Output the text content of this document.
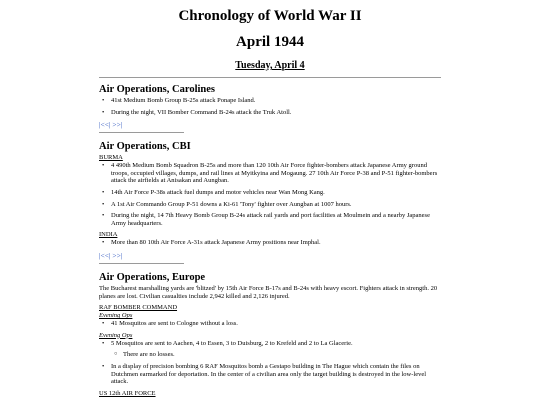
Chronology of World War II
April 1944
Tuesday, April 4
Air Operations, Carolines
• 41st Medium Bomb Group B-25s attack Ponape Island.
• During the night, VII Bomber Command B-24s attack the Truk Atoll.
|<<| >>|
Air Operations, CBI
BURMA
• 4 490th Medium Bomb Squadron B-25s and more than 120 10th Air Force fighter-bombers attack Japanese Army ground troops, occupied villages, dumps, and rail lines at Myitkyina and Mogaung. 27 10th Air Force P-38 and P-51 fighter-bombers attack the airfields at Anisakan and Aungban.
• 14th Air Force P-38s attack fuel dumps and motor vehicles near Wan Mong Kang.
• A 1st Air Commando Group P-51 downs a Ki-61 'Tony' fighter over Aungban at 1007 hours.
• During the night, 14 7th Heavy Bomb Group B-24s attack rail yards and port facilities at Moulmein and a nearby Japanese Army headquarters.
INDIA
• More than 80 10th Air Force A-31s attack Japanese Army positions near Imphal.
|<<| >>|
Air Operations, Europe
The Bucharest marshalling yards are 'blitzed' by 15th Air Force B-17s and B-24s with heavy escort. Fighters attack in strength. 20 planes are lost. Civilian casualties include 2,942 killed and 2,126 injured.
RAF BOMBER COMMAND
Evening Ops
• 41 Mosquitos are sent to Cologne without a loss.
Evening Ops
• 5 Mosquitos are sent to Aachen, 4 to Essen, 3 to Duisburg, 2 to Krefeld and 2 to La Glacerie.
○ There are no losses.
• In a display of precision bombing 6 RAF Mosquitos bomb a Gestapo building in The Hague which contain the files on Dutchmen earmarked for deportation. In the center of a civilian area only the target building is destroyed in the low-level attack.
US 12th AIR FORCE
